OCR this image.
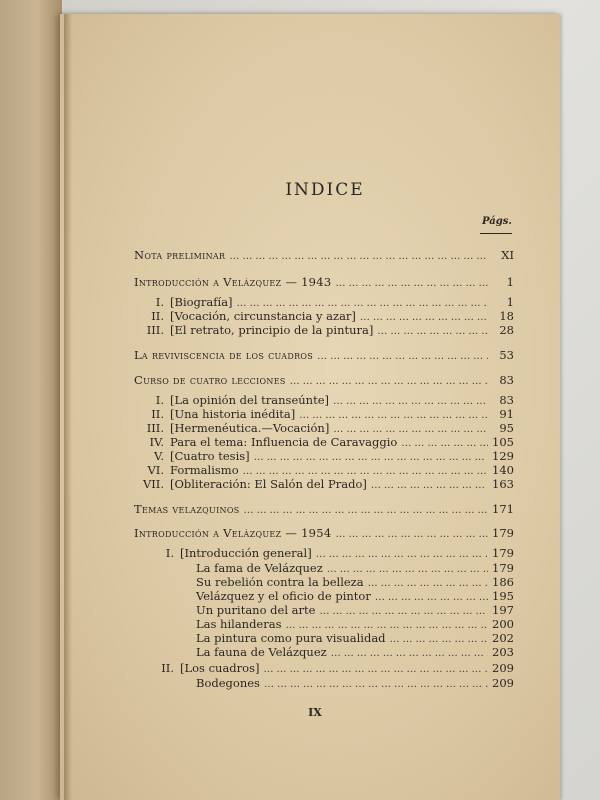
INDICE
Págs.
Nota preliminar ……………………………………………………………………………………………………………………	XI
Introducción a Velázquez — 1943 ……………………………………………………………………………………………………………………	1
I. [Biografía] ……………………………………………………………………………………………………………………	1
II. [Vocación, circunstancia y azar] ……………………………………………………………………………………………………………………	18
III. [El retrato, principio de la pintura] ……………………………………………………………………………………………………………………	28
La reviviscencia de los cuadros ……………………………………………………………………………………………………………………	53
Curso de cuatro lecciones ……………………………………………………………………………………………………………………	83
I. [La opinión del transeúnte] ……………………………………………………………………………………………………………………	83
II. [Una historia inédita] ……………………………………………………………………………………………………………………	91
III. [Hermenéutica.—Vocación] ……………………………………………………………………………………………………………………	95
IV. Para el tema: Influencia de Caravaggio ……………………………………………………………………………………………………………………	105
V. [Cuatro tesis] ……………………………………………………………………………………………………………………	129
VI. Formalismo ……………………………………………………………………………………………………………………	140
VII. [Obliteración: El Salón del Prado] ……………………………………………………………………………………………………………………	163
Temas velazquinos ……………………………………………………………………………………………………………………	171
Introducción a Velázquez — 1954 ……………………………………………………………………………………………………………………	179
I. [Introducción general] ……………………………………………………………………………………………………………………	179
La fama de Velázquez ……………………………………………………………………………………………………………………	179
Su rebelión contra la belleza ……………………………………………………………………………………………………………………	186
Velázquez y el oficio de pintor ……………………………………………………………………………………………………………………	195
Un puritano del arte ……………………………………………………………………………………………………………………	197
Las hilanderas ……………………………………………………………………………………………………………………	200
La pintura como pura visualidad ……………………………………………………………………………………………………………………	202
La fauna de Velázquez ……………………………………………………………………………………………………………………	203
II. [Los cuadros] ……………………………………………………………………………………………………………………	209
Bodegones ……………………………………………………………………………………………………………………	209
IX
